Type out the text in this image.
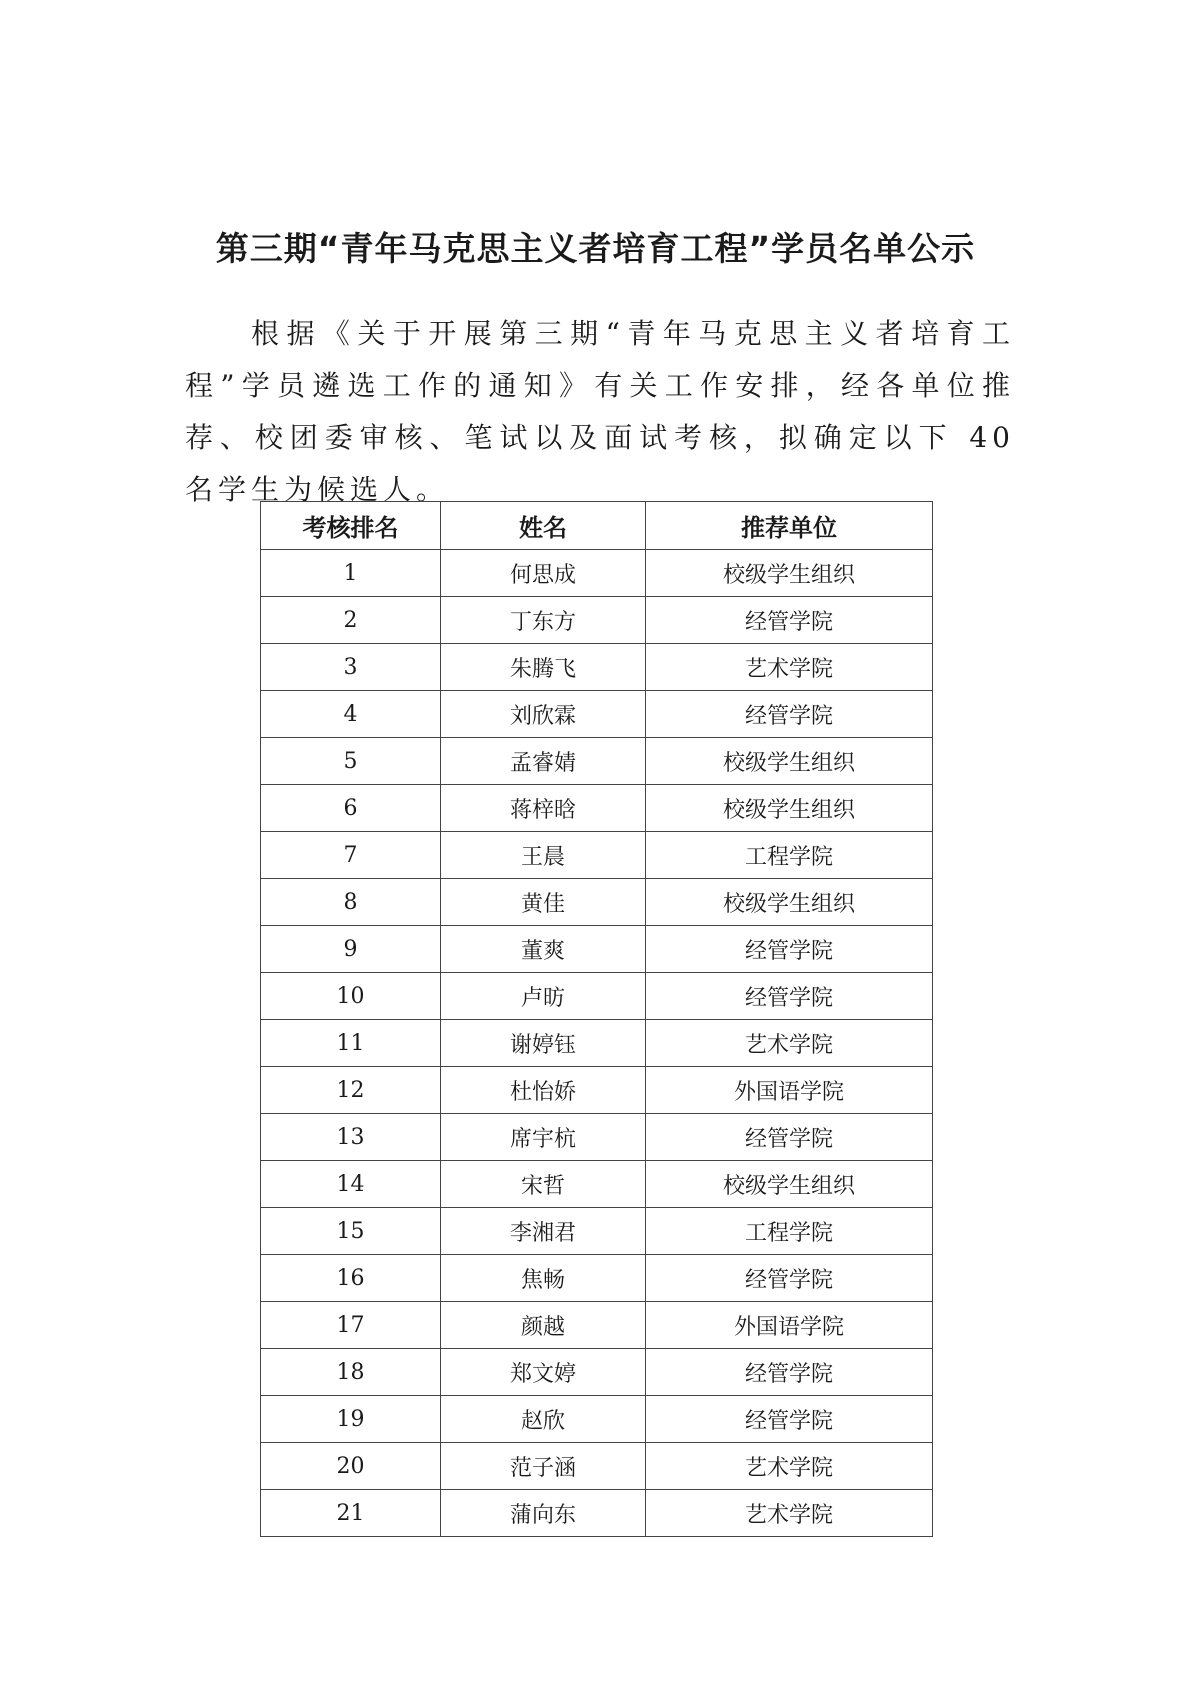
第三期“青年马克思主义者培育工程”学员名单公示

根据《关于开展第三期“青年马克思主义者培育工程”学员遴选工作的通知》有关工作安排，经各单位推荐、校团委审核、笔试以及面试考核，拟确定以下 40 名学生为候选人。

考核排名	姓名	推荐单位
1	何思成	校级学生组织
2	丁东方	经管学院
3	朱腾飞	艺术学院
4	刘欣霖	经管学院
5	孟睿婧	校级学生组织
6	蒋梓晗	校级学生组织
7	王晨	工程学院
8	黄佳	校级学生组织
9	董爽	经管学院
10	卢昉	经管学院
11	谢婷钰	艺术学院
12	杜怡娇	外国语学院
13	席宇杭	经管学院
14	宋哲	校级学生组织
15	李湘君	工程学院
16	焦畅	经管学院
17	颜越	外国语学院
18	郑文婷	经管学院
19	赵欣	经管学院
20	范子涵	艺术学院
21	蒲向东	艺术学院
